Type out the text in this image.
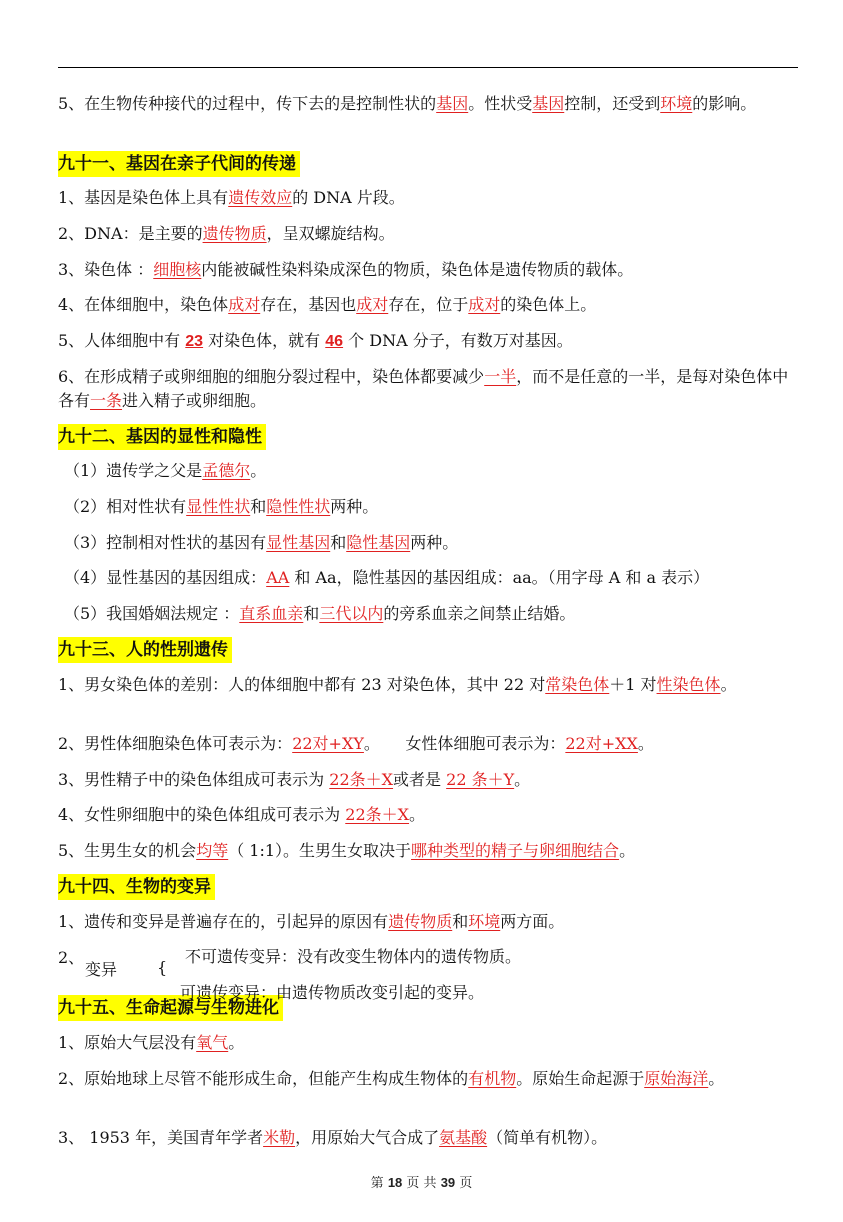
5、在生物传种接代的过程中，传下去的是控制性状的基因。性状受基因控制，还受到环境的影响。
九十一、基因在亲子代间的传递
1、基因是染色体上具有遗传效应的 DNA 片段。
2、DNA：是主要的遗传物质，呈双螺旋结构。
3、染色体 ：细胞核内能被碱性染料染成深色的物质，染色体是遗传物质的载体。
4、在体细胞中，染色体成对存在，基因也成对存在，位于成对的染色体上。
5、人体细胞中有 23 对染色体，就有 46 个 DNA 分子，有数万对基因。
6、在形成精子或卵细胞的细胞分裂过程中，染色体都要减少一半，而不是任意的一半，是每对染色体中各有一条进入精子或卵细胞。
九十二、基因的显性和隐性
（1）遗传学之父是孟德尔。
（2）相对性状有显性性状和隐性性状两种。
（3）控制相对性状的基因有显性基因和隐性基因两种。
（4）显性基因的基因组成：AA 和 Aa，隐性基因的基因组成：aa。（用字母 A 和 a 表示）
（5）我国婚姻法规定 ：直系血亲和三代以内的旁系血亲之间禁止结婚。
九十三、人的性别遗传
1、男女染色体的差别：人的体细胞中都有 23 对染色体，其中 22 对常染色体＋1 对性染色体。
2、男性体细胞染色体可表示为：22对+XY。     女性体细胞可表示为：22对+XX。
3、男性精子中的染色体组成可表示为 22条＋X或者是 22 条＋Y。
4、女性卵细胞中的染色体组成可表示为 22条＋X。
5、生男生女的机会均等（ 1:1）。生男生女取决于哪种类型的精子与卵细胞结合。
九十四、生物的变异
1、遗传和变异是普遍存在的，引起异的原因有遗传物质和环境两方面。
2、
变异	{
不可遗传变异：没有改变生物体内的遗传物质。
九十五、生命起源与生物进化
可遗传变异：由遗传物质改变引起的变异。
1、原始大气层没有氧气。
2、原始地球上尽管不能形成生命，但能产生构成生物体的有机物。原始生命起源于原始海洋。
3、 1953 年，美国青年学者米勒，用原始大气合成了氨基酸（简单有机物）。
第 18 页 共 39 页
